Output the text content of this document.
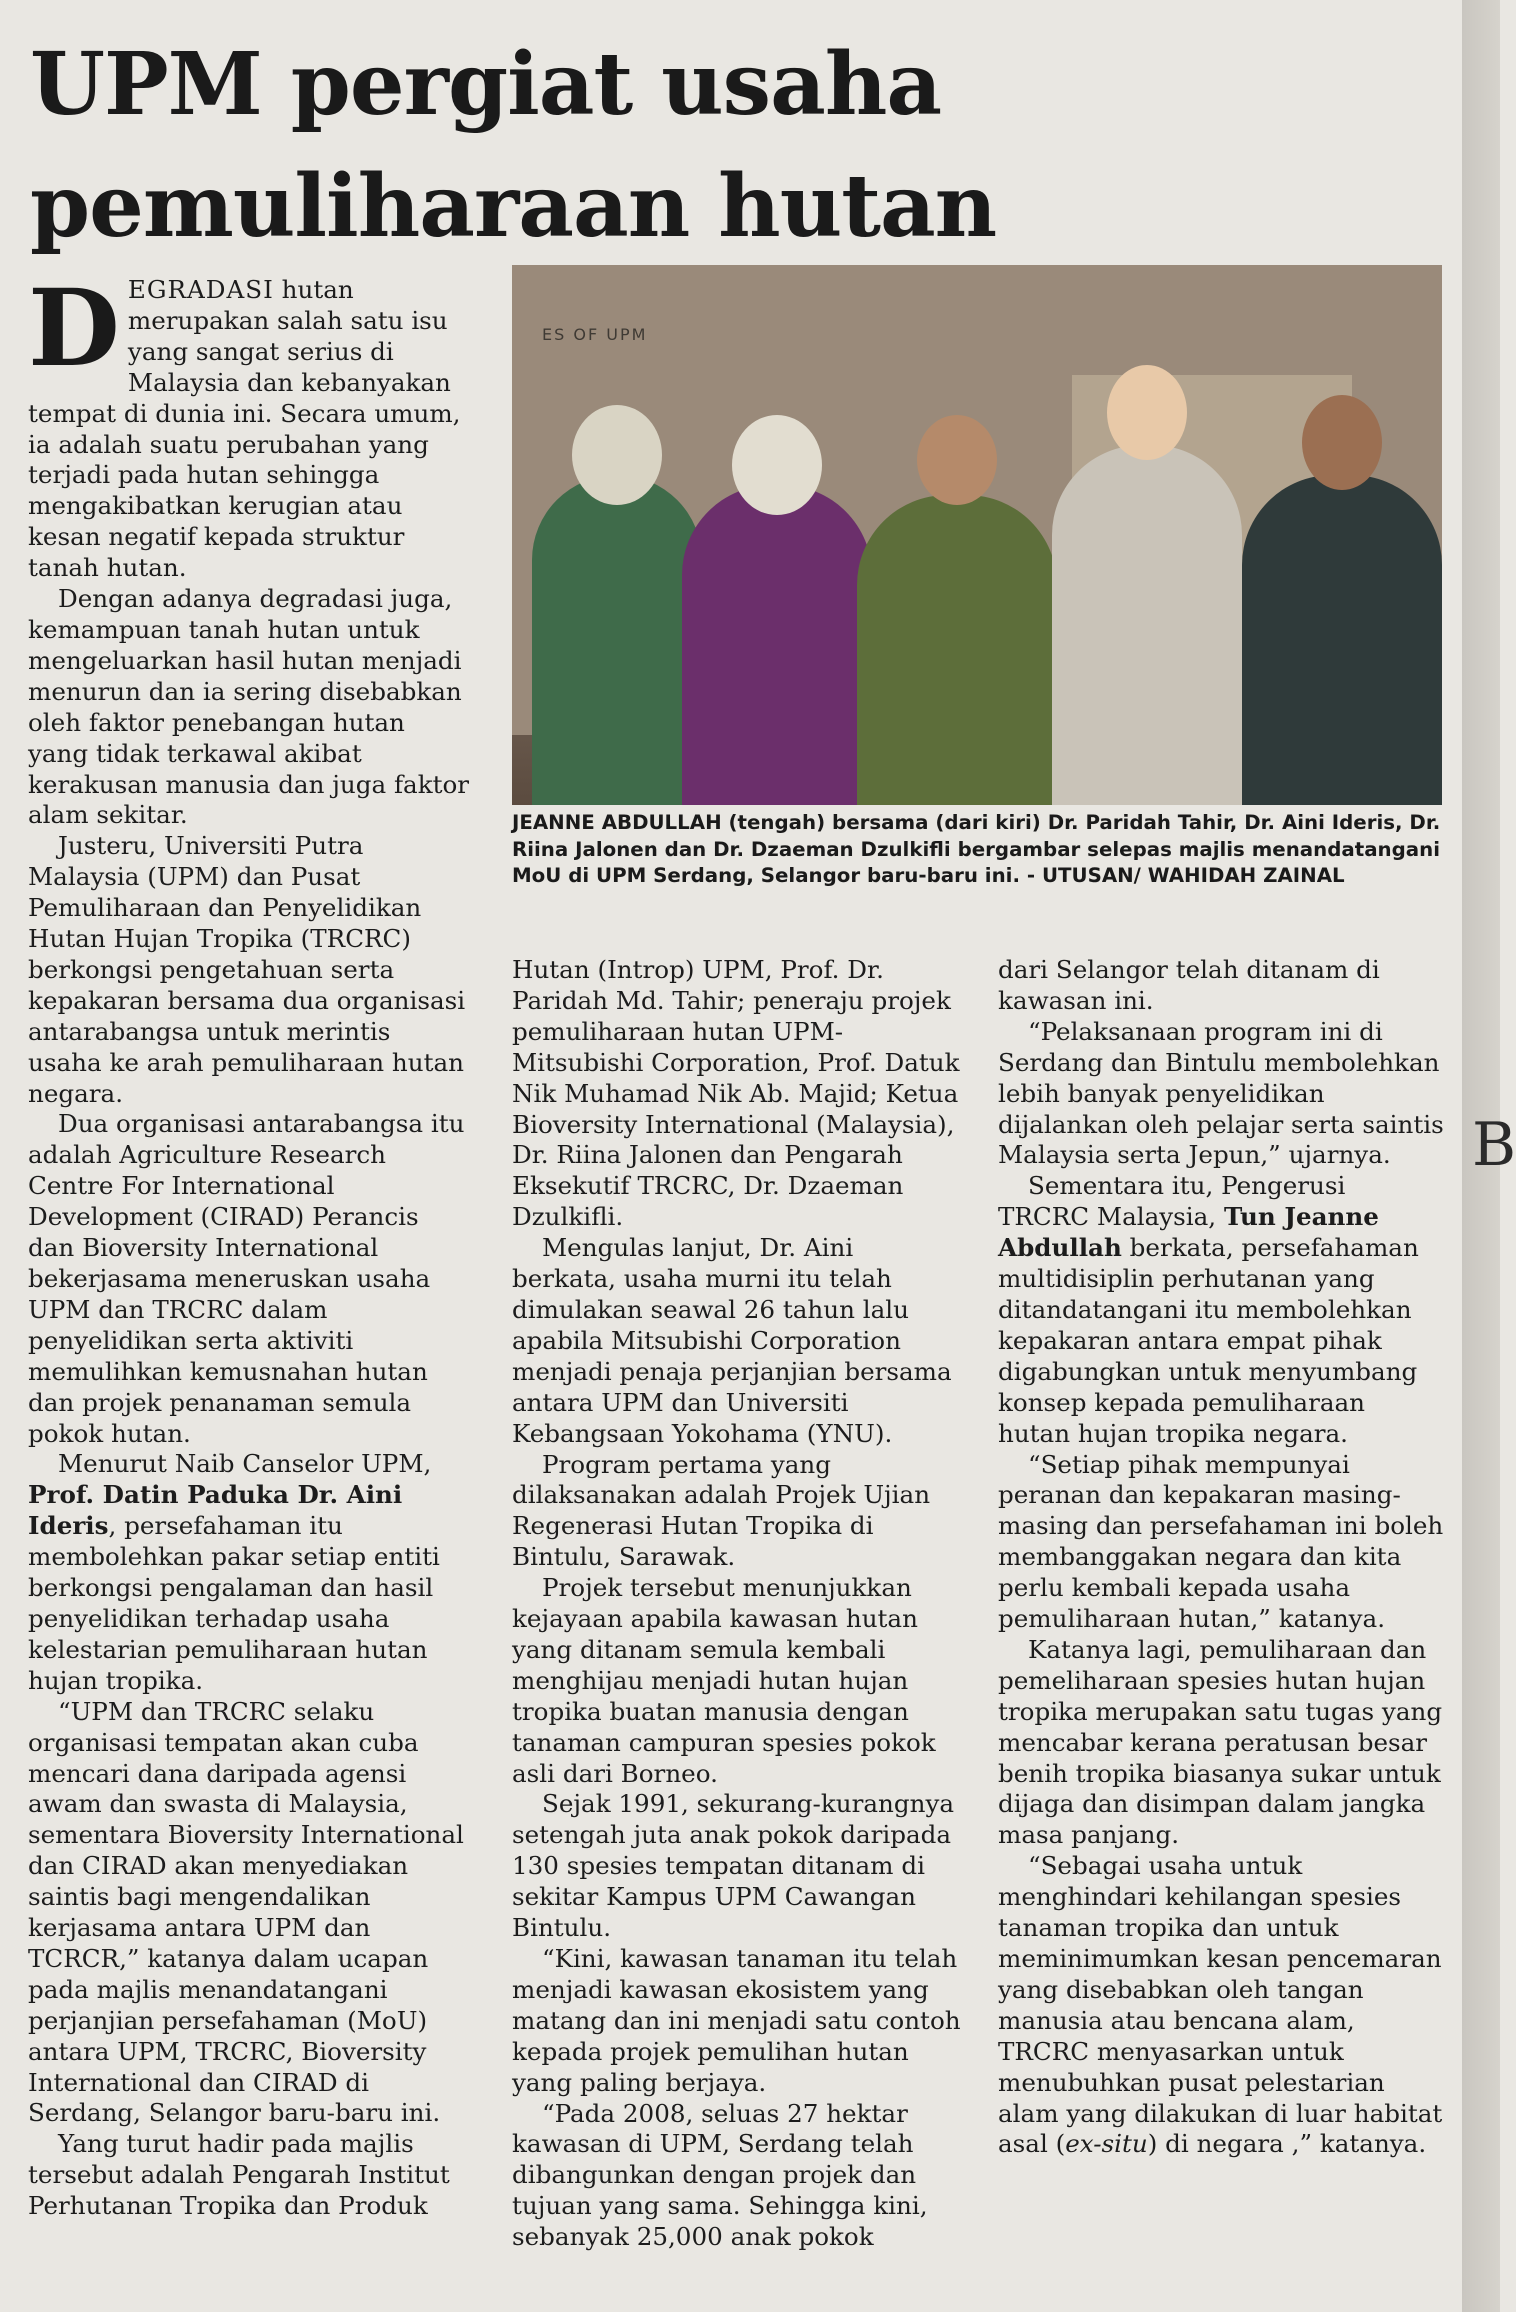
UPM pergiat usaha pemuliharaan hutan
ES OF UPM
JEANNE ABDULLAH (tengah) bersama (dari kiri) Dr. Paridah Tahir, Dr. Aini Ideris, Dr. Riina Jalonen dan Dr. Dzaeman Dzulkifli bergambar selepas majlis menandatangani MoU di UPM Serdang, Selangor baru-baru ini. - UTUSAN/ WAHIDAH ZAINAL

DEGRADASI hutan merupakan salah satu isu yang sangat serius di Malaysia dan kebanyakan tempat di dunia ini. Secara umum, ia adalah suatu perubahan yang terjadi pada hutan sehingga mengakibatkan kerugian atau kesan negatif kepada struktur tanah hutan.

Dengan adanya degradasi juga, kemampuan tanah hutan untuk mengeluarkan hasil hutan menjadi menurun dan ia sering disebabkan oleh faktor penebangan hutan yang tidak terkawal akibat kerakusan manusia dan juga faktor alam sekitar.

Justeru, Universiti Putra Malaysia (UPM) dan Pusat Pemuliharaan dan Penyelidikan Hutan Hujan Tropika (TRCRC) berkongsi pengetahuan serta kepakaran bersama dua organisasi antarabangsa untuk merintis usaha ke arah pemuliharaan hutan negara.

Dua organisasi antarabangsa itu adalah Agriculture Research Centre For International Development (CIRAD) Perancis dan Bioversity International bekerjasama meneruskan usaha UPM dan TRCRC dalam penyelidikan serta aktiviti memulihkan kemusnahan hutan dan projek penanaman semula pokok hutan.

Menurut Naib Canselor UPM, Prof. Datin Paduka Dr. Aini Ideris, persefahaman itu membolehkan pakar setiap entiti berkongsi pengalaman dan hasil penyelidikan terhadap usaha kelestarian pemuliharaan hutan hujan tropika.

“UPM dan TRCRC selaku organisasi tempatan akan cuba mencari dana daripada agensi awam dan swasta di Malaysia, sementara Bioversity International dan CIRAD akan menyediakan saintis bagi mengendalikan kerjasama antara UPM dan TCRCR,” katanya dalam ucapan pada majlis menandatangani perjanjian persefahaman (MoU) antara UPM, TRCRC, Bioversity International dan CIRAD di Serdang, Selangor baru-baru ini.

Yang turut hadir pada majlis tersebut adalah Pengarah Institut Perhutanan Tropika dan Produk

Hutan (Introp) UPM, Prof. Dr. Paridah Md. Tahir; peneraju projek pemuliharaan hutan UPM-Mitsubishi Corporation, Prof. Datuk Nik Muhamad Nik Ab. Majid; Ketua Bioversity International (Malaysia), Dr. Riina Jalonen dan Pengarah Eksekutif TRCRC, Dr. Dzaeman Dzulkifli.

Mengulas lanjut, Dr. Aini berkata, usaha murni itu telah dimulakan seawal 26 tahun lalu apabila Mitsubishi Corporation menjadi penaja perjanjian bersama antara UPM dan Universiti Kebangsaan Yokohama (YNU).

Program pertama yang dilaksanakan adalah Projek Ujian Regenerasi Hutan Tropika di Bintulu, Sarawak.

Projek tersebut menunjukkan kejayaan apabila kawasan hutan yang ditanam semula kembali menghijau menjadi hutan hujan tropika buatan manusia dengan tanaman campuran spesies pokok asli dari Borneo.

Sejak 1991, sekurang-kurangnya setengah juta anak pokok daripada 130 spesies tempatan ditanam di sekitar Kampus UPM Cawangan Bintulu.

“Kini, kawasan tanaman itu telah menjadi kawasan ekosistem yang matang dan ini menjadi satu contoh kepada projek pemulihan hutan yang paling berjaya.

“Pada 2008, seluas 27 hektar kawasan di UPM, Serdang telah dibangunkan dengan projek dan tujuan yang sama. Sehingga kini, sebanyak 25,000 anak pokok

dari Selangor telah ditanam di kawasan ini.

“Pelaksanaan program ini di Serdang dan Bintulu membolehkan lebih banyak penyelidikan dijalankan oleh pelajar serta saintis Malaysia serta Jepun,” ujarnya.

Sementara itu, Pengerusi TRCRC Malaysia, Tun Jeanne Abdullah berkata, persefahaman multidisiplin perhutanan yang ditandatangani itu membolehkan kepakaran antara empat pihak digabungkan untuk menyumbang konsep kepada pemuliharaan hutan hujan tropika negara.

“Setiap pihak mempunyai peranan dan kepakaran masing-masing dan persefahaman ini boleh membanggakan negara dan kita perlu kembali kepada usaha pemuliharaan hutan,” katanya.

Katanya lagi, pemuliharaan dan pemeliharaan spesies hutan hujan tropika merupakan satu tugas yang mencabar kerana peratusan besar benih tropika biasanya sukar untuk dijaga dan disimpan dalam jangka masa panjang.

“Sebagai usaha untuk menghindari kehilangan spesies tanaman tropika dan untuk meminimumkan kesan pencemaran yang disebabkan oleh tangan manusia atau bencana alam, TRCRC menyasarkan untuk menubuhkan pusat pelestarian alam yang dilakukan di luar habitat asal (ex-situ) di negara ,” katanya.

B
